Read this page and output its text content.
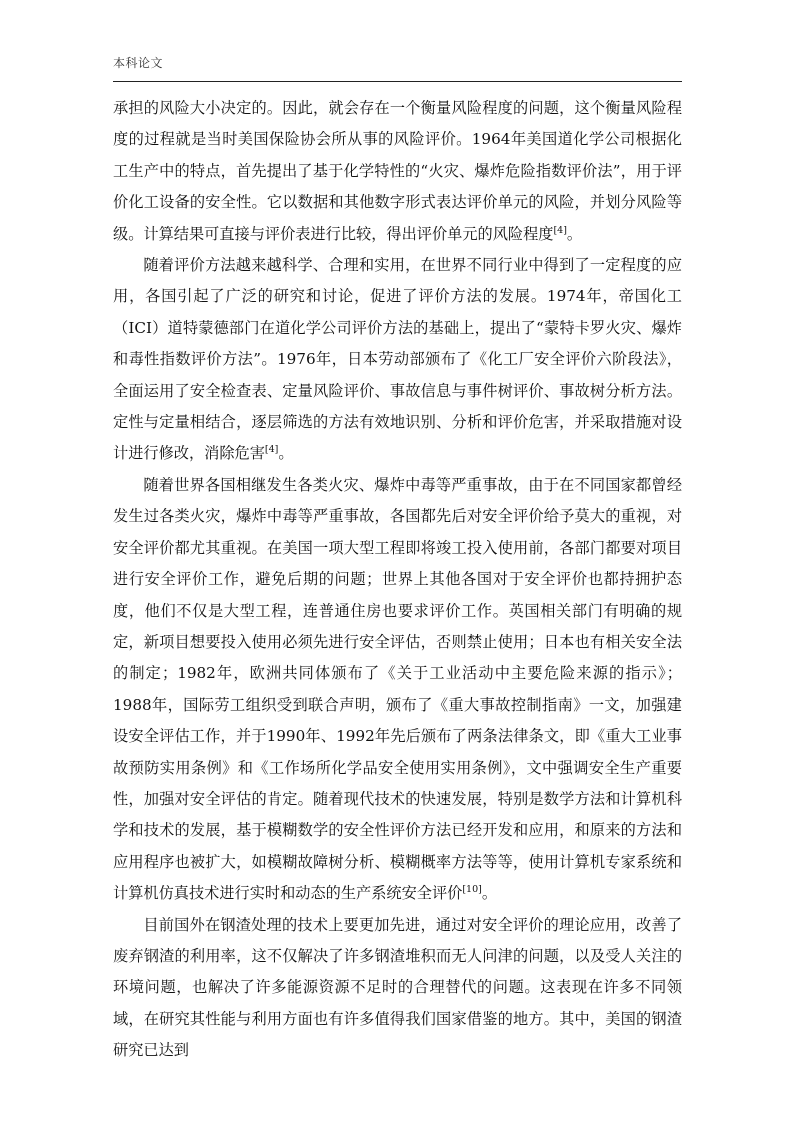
本科论文

承担的风险大小决定的。因此，就会存在一个衡量风险程度的问题，这个衡量风险程度的过程就是当时美国保险协会所从事的风险评价。1964年美国道化学公司根据化工生产中的特点，首先提出了基于化学特性的“火灾、爆炸危险指数评价法”，用于评价化工设备的安全性。它以数据和其他数字形式表达评价单元的风险，并划分风险等级。计算结果可直接与评价表进行比较，得出评价单元的风险程度[4]。

随着评价方法越来越科学、合理和实用，在世界不同行业中得到了一定程度的应用，各国引起了广泛的研究和讨论，促进了评价方法的发展。1974年，帝国化工（ICI）道特蒙德部门在道化学公司评价方法的基础上，提出了“蒙特卡罗火灾、爆炸和毒性指数评价方法”。1976年，日本劳动部颁布了《化工厂安全评价六阶段法》，全面运用了安全检查表、定量风险评价、事故信息与事件树评价、事故树分析方法。定性与定量相结合，逐层筛选的方法有效地识别、分析和评价危害，并采取措施对设计进行修改，消除危害[4]。

随着世界各国相继发生各类火灾、爆炸中毒等严重事故，由于在不同国家都曾经发生过各类火灾，爆炸中毒等严重事故，各国都先后对安全评价给予莫大的重视，对安全评价都尤其重视。在美国一项大型工程即将竣工投入使用前，各部门都要对项目进行安全评价工作，避免后期的问题；世界上其他各国对于安全评价也都持拥护态度，他们不仅是大型工程，连普通住房也要求评价工作。英国相关部门有明确的规定，新项目想要投入使用必须先进行安全评估，否则禁止使用；日本也有相关安全法的制定；1982年，欧洲共同体颁布了《关于工业活动中主要危险来源的指示》；1988年，国际劳工组织受到联合声明，颁布了《重大事故控制指南》一文，加强建设安全评估工作，并于1990年、1992年先后颁布了两条法律条文，即《重大工业事故预防实用条例》和《工作场所化学品安全使用实用条例》，文中强调安全生产重要性，加强对安全评估的肯定。随着现代技术的快速发展，特别是数学方法和计算机科学和技术的发展，基于模糊数学的安全性评价方法已经开发和应用，和原来的方法和应用程序也被扩大，如模糊故障树分析、模糊概率方法等等，使用计算机专家系统和计算机仿真技术进行实时和动态的生产系统安全评价[10]。

目前国外在钢渣处理的技术上要更加先进，通过对安全评价的理论应用，改善了废弃钢渣的利用率，这不仅解决了许多钢渣堆积而无人问津的问题，以及受人关注的环境问题，也解决了许多能源资源不足时的合理替代的问题。这表现在许多不同领域，在研究其性能与利用方面也有许多值得我们国家借鉴的地方。其中，美国的钢渣研究已达到
